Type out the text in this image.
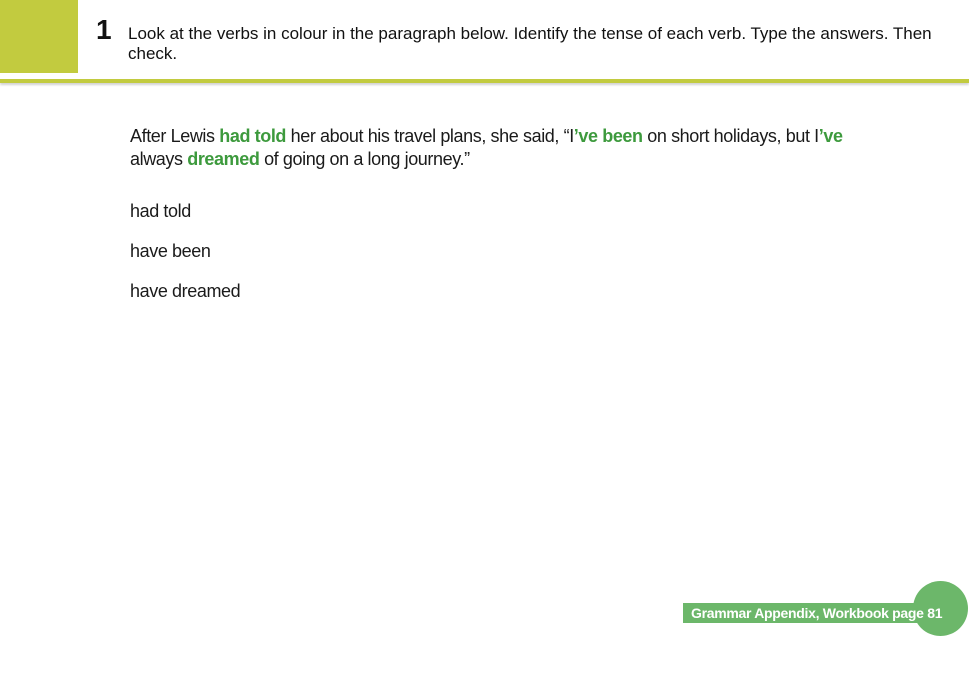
1 Look at the verbs in colour in the paragraph below. Identify the tense of each verb. Type the answers. Then check.

After Lewis had told her about his travel plans, she said, “I’ve been on short holidays, but I’ve
always dreamed of going on a long journey.”

had told
have been
have dreamed
Grammar Appendix, Workbook page 81
